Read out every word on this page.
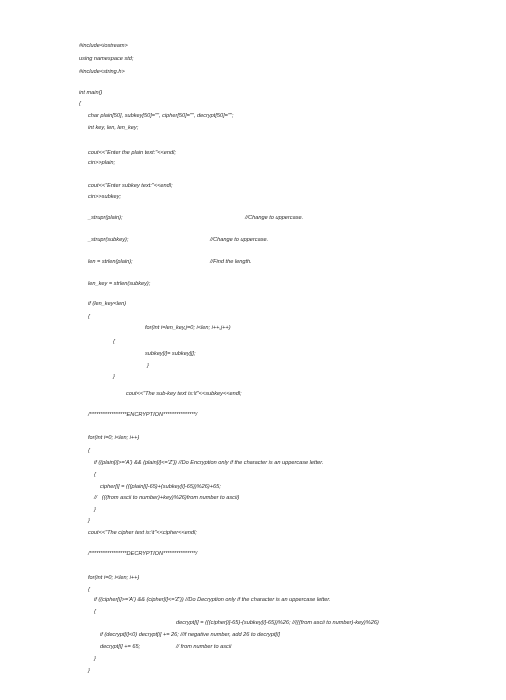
#include<iostream>
using namespace std;
#include<string.h>
int main()
{
char plain[50], subkey[50]="", cipher[50]="", decrypt[50]="";
int key, len, len_key;
cout<<"Enter the plain text:"<<endl;
cin>>plain;
cout<<"Enter subkey text:"<<endl;
cin>>subkey;
_strupr(plain);	//Change to uppercase.
_strupr(subkey);	//Change to uppercase.
len = strlen(plain);	//Find the length.
len_key = strlen(subkey);
if (len_key<len)
{
for(int i=len_key,j=0; i<len; i++,j++)
{
subkey[i]= subkey[j];
}
}
cout<<"The sub-key text is:\t"<<subkey<<endl;
/*****************ENCRYPTION***************/
for(int i=0; i<len; i++)
{
if ((plain[i]>='A') && (plain[i]<='Z')) //Do Encryption only if the character is an uppercase letter.
{
cipher[i] = (((plain[i]-65)+(subkey[i]-65))%26)+65;
//   (((from ascii to number)+key)%26)from number to ascii)
}
}
cout<<"The cipher text is:\t"<<cipher<<endl;
/*****************DECRYPTION***************/
for(int i=0; i<len; i++)
{
if ((cipher[i]>='A') && (cipher[i]<='Z')) //Do Decryption only if the character is an uppercase letter.
{
decrypt[i] = (((cipher[i]-65)-(subkey[i]-65))%26; //(((from ascii to number)-key)%26)
if (decrypt[i]<0) decrypt[i] += 26; //if negative number, add 26 to decrypt[i]
decrypt[i] += 65;	// from number to ascii
}
}
